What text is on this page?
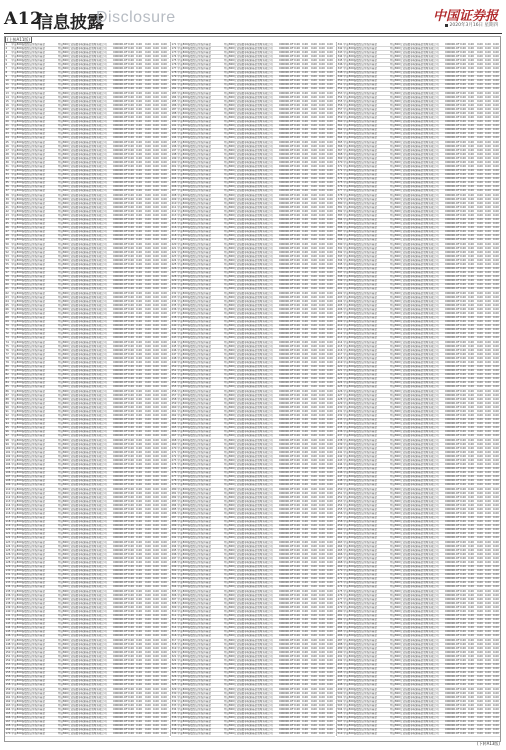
A12
信息披露
Disclosure	中国证券报
2020年3月16日 星期四
(上接A11版)
1	中证800指数型证券投资基金	中证800行业指数等权重基金管理有限公司	000000.OF 0.00 0.00	0.00 0.00 0.00
2	中证800指数型证券投资基金	中证800行业指数等权重基金管理有限公司	000000.OF 0.00 0.00	0.00 0.00 0.00
3	中证800指数型证券投资基金	中证800行业指数等权重基金管理有限公司	000000.OF 0.00 0.00	0.00 0.00 0.00
4	中证800指数型证券投资基金	中证800行业指数等权重基金管理有限公司	000000.OF 0.00 0.00	0.00 0.00 0.00
5	中证800指数型证券投资基金	中证800行业指数等权重基金管理有限公司	000000.OF 0.00 0.00	0.00 0.00 0.00
6	中证800指数型证券投资基金	中证800行业指数等权重基金管理有限公司	000000.OF 0.00 0.00	0.00 0.00 0.00
7	中证800指数型证券投资基金	中证800行业指数等权重基金管理有限公司	000000.OF 0.00 0.00	0.00 0.00 0.00
8	中证800指数型证券投资基金	中证800行业指数等权重基金管理有限公司	000000.OF 0.00 0.00	0.00 0.00 0.00
9	中证800指数型证券投资基金	中证800行业指数等权重基金管理有限公司	000000.OF 0.00 0.00	0.00 0.00 0.00
10	中证800指数型证券投资基金	中证800行业指数等权重基金管理有限公司	000000.OF 0.00 0.00	0.00 0.00 0.00
11	中证800指数型证券投资基金	中证800行业指数等权重基金管理有限公司	000000.OF 0.00 0.00	0.00 0.00 0.00
12	中证800指数型证券投资基金	中证800行业指数等权重基金管理有限公司	000000.OF 0.00 0.00	0.00 0.00 0.00
13	中证800指数型证券投资基金	中证800行业指数等权重基金管理有限公司	000000.OF 0.00 0.00	0.00 0.00 0.00
14	中证800指数型证券投资基金	中证800行业指数等权重基金管理有限公司	000000.OF 0.00 0.00	0.00 0.00 0.00
15	中证800指数型证券投资基金	中证800行业指数等权重基金管理有限公司	000000.OF 0.00 0.00	0.00 0.00 0.00
16	中证800指数型证券投资基金	中证800行业指数等权重基金管理有限公司	000000.OF 0.00 0.00	0.00 0.00 0.00
17	中证800指数型证券投资基金	中证800行业指数等权重基金管理有限公司	000000.OF 0.00 0.00	0.00 0.00 0.00
18	中证800指数型证券投资基金	中证800行业指数等权重基金管理有限公司	000000.OF 0.00 0.00	0.00 0.00 0.00
19	中证800指数型证券投资基金	中证800行业指数等权重基金管理有限公司	000000.OF 0.00 0.00	0.00 0.00 0.00
20	中证800指数型证券投资基金	中证800行业指数等权重基金管理有限公司	000000.OF 0.00 0.00	0.00 0.00 0.00
21	中证800指数型证券投资基金	中证800行业指数等权重基金管理有限公司	000000.OF 0.00 0.00	0.00 0.00 0.00
22	中证800指数型证券投资基金	中证800行业指数等权重基金管理有限公司	000000.OF 0.00 0.00	0.00 0.00 0.00
23	中证800指数型证券投资基金	中证800行业指数等权重基金管理有限公司	000000.OF 0.00 0.00	0.00 0.00 0.00
24	中证800指数型证券投资基金	中证800行业指数等权重基金管理有限公司	000000.OF 0.00 0.00	0.00 0.00 0.00
25	中证800指数型证券投资基金	中证800行业指数等权重基金管理有限公司	000000.OF 0.00 0.00	0.00 0.00 0.00
26	中证800指数型证券投资基金	中证800行业指数等权重基金管理有限公司	000000.OF 0.00 0.00	0.00 0.00 0.00
27	中证800指数型证券投资基金	中证800行业指数等权重基金管理有限公司	000000.OF 0.00 0.00	0.00 0.00 0.00
28	中证800指数型证券投资基金	中证800行业指数等权重基金管理有限公司	000000.OF 0.00 0.00	0.00 0.00 0.00
29	中证800指数型证券投资基金	中证800行业指数等权重基金管理有限公司	000000.OF 0.00 0.00	0.00 0.00 0.00
30	中证800指数型证券投资基金	中证800行业指数等权重基金管理有限公司	000000.OF 0.00 0.00	0.00 0.00 0.00
31	中证800指数型证券投资基金	中证800行业指数等权重基金管理有限公司	000000.OF 0.00 0.00	0.00 0.00 0.00
32	中证800指数型证券投资基金	中证800行业指数等权重基金管理有限公司	000000.OF 0.00 0.00	0.00 0.00 0.00
33	中证800指数型证券投资基金	中证800行业指数等权重基金管理有限公司	000000.OF 0.00 0.00	0.00 0.00 0.00
34	中证800指数型证券投资基金	中证800行业指数等权重基金管理有限公司	000000.OF 0.00 0.00	0.00 0.00 0.00
35	中证800指数型证券投资基金	中证800行业指数等权重基金管理有限公司	000000.OF 0.00 0.00	0.00 0.00 0.00
36	中证800指数型证券投资基金	中证800行业指数等权重基金管理有限公司	000000.OF 0.00 0.00	0.00 0.00 0.00
37	中证800指数型证券投资基金	中证800行业指数等权重基金管理有限公司	000000.OF 0.00 0.00	0.00 0.00 0.00
38	中证800指数型证券投资基金	中证800行业指数等权重基金管理有限公司	000000.OF 0.00 0.00	0.00 0.00 0.00
39	中证800指数型证券投资基金	中证800行业指数等权重基金管理有限公司	000000.OF 0.00 0.00	0.00 0.00 0.00
40	中证800指数型证券投资基金	中证800行业指数等权重基金管理有限公司	000000.OF 0.00 0.00	0.00 0.00 0.00
41	中证800指数型证券投资基金	中证800行业指数等权重基金管理有限公司	000000.OF 0.00 0.00	0.00 0.00 0.00
42	中证800指数型证券投资基金	中证800行业指数等权重基金管理有限公司	000000.OF 0.00 0.00	0.00 0.00 0.00
43	中证800指数型证券投资基金	中证800行业指数等权重基金管理有限公司	000000.OF 0.00 0.00	0.00 0.00 0.00
44	中证800指数型证券投资基金	中证800行业指数等权重基金管理有限公司	000000.OF 0.00 0.00	0.00 0.00 0.00
45	中证800指数型证券投资基金	中证800行业指数等权重基金管理有限公司	000000.OF 0.00 0.00	0.00 0.00 0.00
46	中证800指数型证券投资基金	中证800行业指数等权重基金管理有限公司	000000.OF 0.00 0.00	0.00 0.00 0.00
47	中证800指数型证券投资基金	中证800行业指数等权重基金管理有限公司	000000.OF 0.00 0.00	0.00 0.00 0.00
48	中证800指数型证券投资基金	中证800行业指数等权重基金管理有限公司	000000.OF 0.00 0.00	0.00 0.00 0.00
49	中证800指数型证券投资基金	中证800行业指数等权重基金管理有限公司	000000.OF 0.00 0.00	0.00 0.00 0.00
50	中证800指数型证券投资基金	中证800行业指数等权重基金管理有限公司	000000.OF 0.00 0.00	0.00 0.00 0.00
51	中证800指数型证券投资基金	中证800行业指数等权重基金管理有限公司	000000.OF 0.00 0.00	0.00 0.00 0.00
52	中证800指数型证券投资基金	中证800行业指数等权重基金管理有限公司	000000.OF 0.00 0.00	0.00 0.00 0.00
53	中证800指数型证券投资基金	中证800行业指数等权重基金管理有限公司	000000.OF 0.00 0.00	0.00 0.00 0.00
54	中证800指数型证券投资基金	中证800行业指数等权重基金管理有限公司	000000.OF 0.00 0.00	0.00 0.00 0.00
55	中证800指数型证券投资基金	中证800行业指数等权重基金管理有限公司	000000.OF 0.00 0.00	0.00 0.00 0.00
56	中证800指数型证券投资基金	中证800行业指数等权重基金管理有限公司	000000.OF 0.00 0.00	0.00 0.00 0.00
57	中证800指数型证券投资基金	中证800行业指数等权重基金管理有限公司	000000.OF 0.00 0.00	0.00 0.00 0.00
58	中证800指数型证券投资基金	中证800行业指数等权重基金管理有限公司	000000.OF 0.00 0.00	0.00 0.00 0.00
59	中证800指数型证券投资基金	中证800行业指数等权重基金管理有限公司	000000.OF 0.00 0.00	0.00 0.00 0.00
60	中证800指数型证券投资基金	中证800行业指数等权重基金管理有限公司	000000.OF 0.00 0.00	0.00 0.00 0.00
61	中证800指数型证券投资基金	中证800行业指数等权重基金管理有限公司	000000.OF 0.00 0.00	0.00 0.00 0.00
62	中证800指数型证券投资基金	中证800行业指数等权重基金管理有限公司	000000.OF 0.00 0.00	0.00 0.00 0.00
63	中证800指数型证券投资基金	中证800行业指数等权重基金管理有限公司	000000.OF 0.00 0.00	0.00 0.00 0.00
64	中证800指数型证券投资基金	中证800行业指数等权重基金管理有限公司	000000.OF 0.00 0.00	0.00 0.00 0.00
65	中证800指数型证券投资基金	中证800行业指数等权重基金管理有限公司	000000.OF 0.00 0.00	0.00 0.00 0.00
66	中证800指数型证券投资基金	中证800行业指数等权重基金管理有限公司	000000.OF 0.00 0.00	0.00 0.00 0.00
67	中证800指数型证券投资基金	中证800行业指数等权重基金管理有限公司	000000.OF 0.00 0.00	0.00 0.00 0.00
68	中证800指数型证券投资基金	中证800行业指数等权重基金管理有限公司	000000.OF 0.00 0.00	0.00 0.00 0.00
69	中证800指数型证券投资基金	中证800行业指数等权重基金管理有限公司	000000.OF 0.00 0.00	0.00 0.00 0.00
70	中证800指数型证券投资基金	中证800行业指数等权重基金管理有限公司	000000.OF 0.00 0.00	0.00 0.00 0.00
71	中证800指数型证券投资基金	中证800行业指数等权重基金管理有限公司	000000.OF 0.00 0.00	0.00 0.00 0.00
72	中证800指数型证券投资基金	中证800行业指数等权重基金管理有限公司	000000.OF 0.00 0.00	0.00 0.00 0.00
73	中证800指数型证券投资基金	中证800行业指数等权重基金管理有限公司	000000.OF 0.00 0.00	0.00 0.00 0.00
74	中证800指数型证券投资基金	中证800行业指数等权重基金管理有限公司	000000.OF 0.00 0.00	0.00 0.00 0.00
75	中证800指数型证券投资基金	中证800行业指数等权重基金管理有限公司	000000.OF 0.00 0.00	0.00 0.00 0.00
76	中证800指数型证券投资基金	中证800行业指数等权重基金管理有限公司	000000.OF 0.00 0.00	0.00 0.00 0.00
77	中证800指数型证券投资基金	中证800行业指数等权重基金管理有限公司	000000.OF 0.00 0.00	0.00 0.00 0.00
78	中证800指数型证券投资基金	中证800行业指数等权重基金管理有限公司	000000.OF 0.00 0.00	0.00 0.00 0.00
79	中证800指数型证券投资基金	中证800行业指数等权重基金管理有限公司	000000.OF 0.00 0.00	0.00 0.00 0.00
80	中证800指数型证券投资基金	中证800行业指数等权重基金管理有限公司	000000.OF 0.00 0.00	0.00 0.00 0.00
81	中证800指数型证券投资基金	中证800行业指数等权重基金管理有限公司	000000.OF 0.00 0.00	0.00 0.00 0.00
82	中证800指数型证券投资基金	中证800行业指数等权重基金管理有限公司	000000.OF 0.00 0.00	0.00 0.00 0.00
83	中证800指数型证券投资基金	中证800行业指数等权重基金管理有限公司	000000.OF 0.00 0.00	0.00 0.00 0.00
84	中证800指数型证券投资基金	中证800行业指数等权重基金管理有限公司	000000.OF 0.00 0.00	0.00 0.00 0.00
85	中证800指数型证券投资基金	中证800行业指数等权重基金管理有限公司	000000.OF 0.00 0.00	0.00 0.00 0.00
86	中证800指数型证券投资基金	中证800行业指数等权重基金管理有限公司	000000.OF 0.00 0.00	0.00 0.00 0.00
87	中证800指数型证券投资基金	中证800行业指数等权重基金管理有限公司	000000.OF 0.00 0.00	0.00 0.00 0.00
88	中证800指数型证券投资基金	中证800行业指数等权重基金管理有限公司	000000.OF 0.00 0.00	0.00 0.00 0.00
89	中证800指数型证券投资基金	中证800行业指数等权重基金管理有限公司	000000.OF 0.00 0.00	0.00 0.00 0.00
90	中证800指数型证券投资基金	中证800行业指数等权重基金管理有限公司	000000.OF 0.00 0.00	0.00 0.00 0.00
91	中证800指数型证券投资基金	中证800行业指数等权重基金管理有限公司	000000.OF 0.00 0.00	0.00 0.00 0.00
92	中证800指数型证券投资基金	中证800行业指数等权重基金管理有限公司	000000.OF 0.00 0.00	0.00 0.00 0.00
93	中证800指数型证券投资基金	中证800行业指数等权重基金管理有限公司	000000.OF 0.00 0.00	0.00 0.00 0.00
94	中证800指数型证券投资基金	中证800行业指数等权重基金管理有限公司	000000.OF 0.00 0.00	0.00 0.00 0.00
95	中证800指数型证券投资基金	中证800行业指数等权重基金管理有限公司	000000.OF 0.00 0.00	0.00 0.00 0.00
96	中证800指数型证券投资基金	中证800行业指数等权重基金管理有限公司	000000.OF 0.00 0.00	0.00 0.00 0.00
97	中证800指数型证券投资基金	中证800行业指数等权重基金管理有限公司	000000.OF 0.00 0.00	0.00 0.00 0.00
98	中证800指数型证券投资基金	中证800行业指数等权重基金管理有限公司	000000.OF 0.00 0.00	0.00 0.00 0.00
99	中证800指数型证券投资基金	中证800行业指数等权重基金管理有限公司	000000.OF 0.00 0.00	0.00 0.00 0.00
100 中证800指数型证券投资基金	中证800行业指数等权重基金管理有限公司	000000.OF 0.00 0.00	0.00 0.00 0.00
101 中证800指数型证券投资基金	中证800行业指数等权重基金管理有限公司	000000.OF 0.00 0.00	0.00 0.00 0.00
102 中证800指数型证券投资基金	中证800行业指数等权重基金管理有限公司	000000.OF 0.00 0.00	0.00 0.00 0.00
103 中证800指数型证券投资基金	中证800行业指数等权重基金管理有限公司	000000.OF 0.00 0.00	0.00 0.00 0.00
104 中证800指数型证券投资基金	中证800行业指数等权重基金管理有限公司	000000.OF 0.00 0.00	0.00 0.00 0.00
105 中证800指数型证券投资基金	中证800行业指数等权重基金管理有限公司	000000.OF 0.00 0.00	0.00 0.00 0.00
106 中证800指数型证券投资基金	中证800行业指数等权重基金管理有限公司	000000.OF 0.00 0.00	0.00 0.00 0.00
107 中证800指数型证券投资基金	中证800行业指数等权重基金管理有限公司	000000.OF 0.00 0.00	0.00 0.00 0.00
108 中证800指数型证券投资基金	中证800行业指数等权重基金管理有限公司	000000.OF 0.00 0.00	0.00 0.00 0.00
109 中证800指数型证券投资基金	中证800行业指数等权重基金管理有限公司	000000.OF 0.00 0.00	0.00 0.00 0.00
110 中证800指数型证券投资基金	中证800行业指数等权重基金管理有限公司	000000.OF 0.00 0.00	0.00 0.00 0.00
111 中证800指数型证券投资基金	中证800行业指数等权重基金管理有限公司	000000.OF 0.00 0.00	0.00 0.00 0.00
112 中证800指数型证券投资基金	中证800行业指数等权重基金管理有限公司	000000.OF 0.00 0.00	0.00 0.00 0.00
113 中证800指数型证券投资基金	中证800行业指数等权重基金管理有限公司	000000.OF 0.00 0.00	0.00 0.00 0.00
114 中证800指数型证券投资基金	中证800行业指数等权重基金管理有限公司	000000.OF 0.00 0.00	0.00 0.00 0.00
115 中证800指数型证券投资基金	中证800行业指数等权重基金管理有限公司	000000.OF 0.00 0.00	0.00 0.00 0.00
116 中证800指数型证券投资基金	中证800行业指数等权重基金管理有限公司	000000.OF 0.00 0.00	0.00 0.00 0.00
117 中证800指数型证券投资基金	中证800行业指数等权重基金管理有限公司	000000.OF 0.00 0.00	0.00 0.00 0.00
118 中证800指数型证券投资基金	中证800行业指数等权重基金管理有限公司	000000.OF 0.00 0.00	0.00 0.00 0.00
119 中证800指数型证券投资基金	中证800行业指数等权重基金管理有限公司	000000.OF 0.00 0.00	0.00 0.00 0.00
120 中证800指数型证券投资基金	中证800行业指数等权重基金管理有限公司	000000.OF 0.00 0.00	0.00 0.00 0.00
121 中证800指数型证券投资基金	中证800行业指数等权重基金管理有限公司	000000.OF 0.00 0.00	0.00 0.00 0.00
122 中证800指数型证券投资基金	中证800行业指数等权重基金管理有限公司	000000.OF 0.00 0.00	0.00 0.00 0.00
123 中证800指数型证券投资基金	中证800行业指数等权重基金管理有限公司	000000.OF 0.00 0.00	0.00 0.00 0.00
124 中证800指数型证券投资基金	中证800行业指数等权重基金管理有限公司	000000.OF 0.00 0.00	0.00 0.00 0.00
125 中证800指数型证券投资基金	中证800行业指数等权重基金管理有限公司	000000.OF 0.00 0.00	0.00 0.00 0.00
126 中证800指数型证券投资基金	中证800行业指数等权重基金管理有限公司	000000.OF 0.00 0.00	0.00 0.00 0.00
127 中证800指数型证券投资基金	中证800行业指数等权重基金管理有限公司	000000.OF 0.00 0.00	0.00 0.00 0.00
128 中证800指数型证券投资基金	中证800行业指数等权重基金管理有限公司	000000.OF 0.00 0.00	0.00 0.00 0.00
129 中证800指数型证券投资基金	中证800行业指数等权重基金管理有限公司	000000.OF 0.00 0.00	0.00 0.00 0.00
130 中证800指数型证券投资基金	中证800行业指数等权重基金管理有限公司	000000.OF 0.00 0.00	0.00 0.00 0.00
131 中证800指数型证券投资基金	中证800行业指数等权重基金管理有限公司	000000.OF 0.00 0.00	0.00 0.00 0.00
132 中证800指数型证券投资基金	中证800行业指数等权重基金管理有限公司	000000.OF 0.00 0.00	0.00 0.00 0.00
133 中证800指数型证券投资基金	中证800行业指数等权重基金管理有限公司	000000.OF 0.00 0.00	0.00 0.00 0.00
134 中证800指数型证券投资基金	中证800行业指数等权重基金管理有限公司	000000.OF 0.00 0.00	0.00 0.00 0.00
135 中证800指数型证券投资基金	中证800行业指数等权重基金管理有限公司	000000.OF 0.00 0.00	0.00 0.00 0.00
136 中证800指数型证券投资基金	中证800行业指数等权重基金管理有限公司	000000.OF 0.00 0.00	0.00 0.00 0.00
137 中证800指数型证券投资基金	中证800行业指数等权重基金管理有限公司	000000.OF 0.00 0.00	0.00 0.00 0.00
138 中证800指数型证券投资基金	中证800行业指数等权重基金管理有限公司	000000.OF 0.00 0.00	0.00 0.00 0.00
139 中证800指数型证券投资基金	中证800行业指数等权重基金管理有限公司	000000.OF 0.00 0.00	0.00 0.00 0.00
140 中证800指数型证券投资基金	中证800行业指数等权重基金管理有限公司	000000.OF 0.00 0.00	0.00 0.00 0.00
141 中证800指数型证券投资基金	中证800行业指数等权重基金管理有限公司	000000.OF 0.00 0.00	0.00 0.00 0.00
142 中证800指数型证券投资基金	中证800行业指数等权重基金管理有限公司	000000.OF 0.00 0.00	0.00 0.00 0.00
143 中证800指数型证券投资基金	中证800行业指数等权重基金管理有限公司	000000.OF 0.00 0.00	0.00 0.00 0.00
144 中证800指数型证券投资基金	中证800行业指数等权重基金管理有限公司	000000.OF 0.00 0.00	0.00 0.00 0.00
145 中证800指数型证券投资基金	中证800行业指数等权重基金管理有限公司	000000.OF 0.00 0.00	0.00 0.00 0.00
146 中证800指数型证券投资基金	中证800行业指数等权重基金管理有限公司	000000.OF 0.00 0.00	0.00 0.00 0.00
147 中证800指数型证券投资基金	中证800行业指数等权重基金管理有限公司	000000.OF 0.00 0.00	0.00 0.00 0.00
148 中证800指数型证券投资基金	中证800行业指数等权重基金管理有限公司	000000.OF 0.00 0.00	0.00 0.00 0.00
149 中证800指数型证券投资基金	中证800行业指数等权重基金管理有限公司	000000.OF 0.00 0.00	0.00 0.00 0.00
150 中证800指数型证券投资基金	中证800行业指数等权重基金管理有限公司	000000.OF 0.00 0.00	0.00 0.00 0.00
151 中证800指数型证券投资基金	中证800行业指数等权重基金管理有限公司	000000.OF 0.00 0.00	0.00 0.00 0.00
152 中证800指数型证券投资基金	中证800行业指数等权重基金管理有限公司	000000.OF 0.00 0.00	0.00 0.00 0.00
153 中证800指数型证券投资基金	中证800行业指数等权重基金管理有限公司	000000.OF 0.00 0.00	0.00 0.00 0.00
154 中证800指数型证券投资基金	中证800行业指数等权重基金管理有限公司	000000.OF 0.00 0.00	0.00 0.00 0.00
155 中证800指数型证券投资基金	中证800行业指数等权重基金管理有限公司	000000.OF 0.00 0.00	0.00 0.00 0.00
156 中证800指数型证券投资基金	中证800行业指数等权重基金管理有限公司	000000.OF 0.00 0.00	0.00 0.00 0.00
157 中证800指数型证券投资基金	中证800行业指数等权重基金管理有限公司	000000.OF 0.00 0.00	0.00 0.00 0.00
158 中证800指数型证券投资基金	中证800行业指数等权重基金管理有限公司	000000.OF 0.00 0.00	0.00 0.00 0.00
159 中证800指数型证券投资基金	中证800行业指数等权重基金管理有限公司	000000.OF 0.00 0.00	0.00 0.00 0.00
160 中证800指数型证券投资基金	中证800行业指数等权重基金管理有限公司	000000.OF 0.00 0.00	0.00 0.00 0.00
161 中证800指数型证券投资基金	中证800行业指数等权重基金管理有限公司	000000.OF 0.00 0.00	0.00 0.00 0.00
162 中证800指数型证券投资基金	中证800行业指数等权重基金管理有限公司	000000.OF 0.00 0.00	0.00 0.00 0.00
163 中证800指数型证券投资基金	中证800行业指数等权重基金管理有限公司	000000.OF 0.00 0.00	0.00 0.00 0.00
164 中证800指数型证券投资基金	中证800行业指数等权重基金管理有限公司	000000.OF 0.00 0.00	0.00 0.00 0.00
165 中证800指数型证券投资基金	中证800行业指数等权重基金管理有限公司	000000.OF 0.00 0.00	0.00 0.00 0.00
166 中证800指数型证券投资基金	中证800行业指数等权重基金管理有限公司	000000.OF 0.00 0.00	0.00 0.00 0.00
167 中证800指数型证券投资基金	中证800行业指数等权重基金管理有限公司	000000.OF 0.00 0.00	0.00 0.00 0.00
168 中证800指数型证券投资基金	中证800行业指数等权重基金管理有限公司	000000.OF 0.00 0.00	0.00 0.00 0.00
169 中证800指数型证券投资基金	中证800行业指数等权重基金管理有限公司	000000.OF 0.00 0.00	0.00 0.00 0.00
170 中证800指数型证券投资基金	中证800行业指数等权重基金管理有限公司	000000.OF 0.00 0.00	0.00 0.00 0.00
171 中证800指数型证券投资基金	中证800行业指数等权重基金管理有限公司	000000.OF 0.00 0.00	0.00 0.00 0.00
172 中证800指数型证券投资基金	中证800行业指数等权重基金管理有限公司	000000.OF 0.00 0.00	0.00 0.00 0.00
173 中证800指数型证券投资基金	中证800行业指数等权重基金管理有限公司	000000.OF 0.00 0.00	0.00 0.00 0.00
174 中证800指数型证券投资基金	中证800行业指数等权重基金管理有限公司	000000.OF 0.00 0.00	0.00 0.00 0.00
175 中证800指数型证券投资基金	中证800行业指数等权重基金管理有限公司	000000.OF 0.00 0.00	0.00 0.00 0.00
176 中证800指数型证券投资基金	中证800行业指数等权重基金管理有限公司	000000.OF 0.00 0.00	0.00 0.00 0.00
177 中证800指数型证券投资基金	中证800行业指数等权重基金管理有限公司	000000.OF 0.00 0.00	0.00 0.00 0.00
178 中证800指数型证券投资基金	中证800行业指数等权重基金管理有限公司	000000.OF 0.00 0.00	0.00 0.00 0.00
179 中证800指数型证券投资基金	中证800行业指数等权重基金管理有限公司	000000.OF 0.00 0.00	0.00 0.00 0.00
180 中证800指数型证券投资基金	中证800行业指数等权重基金管理有限公司	000000.OF 0.00 0.00	0.00 0.00 0.00
181 中证800指数型证券投资基金	中证800行业指数等权重基金管理有限公司	000000.OF 0.00 0.00	0.00 0.00 0.00
182 中证800指数型证券投资基金	中证800行业指数等权重基金管理有限公司	000000.OF 0.00 0.00	0.00 0.00 0.00
183 中证800指数型证券投资基金	中证800行业指数等权重基金管理有限公司	000000.OF 0.00 0.00	0.00 0.00 0.00
184 中证800指数型证券投资基金	中证800行业指数等权重基金管理有限公司	000000.OF 0.00 0.00	0.00 0.00 0.00
185 中证800指数型证券投资基金	中证800行业指数等权重基金管理有限公司	000000.OF 0.00 0.00	0.00 0.00 0.00
186 中证800指数型证券投资基金	中证800行业指数等权重基金管理有限公司	000000.OF 0.00 0.00	0.00 0.00 0.00
187 中证800指数型证券投资基金	中证800行业指数等权重基金管理有限公司	000000.OF 0.00 0.00	0.00 0.00 0.00
188 中证800指数型证券投资基金	中证800行业指数等权重基金管理有限公司	000000.OF 0.00 0.00	0.00 0.00 0.00
189 中证800指数型证券投资基金	中证800行业指数等权重基金管理有限公司	000000.OF 0.00 0.00	0.00 0.00 0.00
190 中证800指数型证券投资基金	中证800行业指数等权重基金管理有限公司	000000.OF 0.00 0.00	0.00 0.00 0.00
191 中证800指数型证券投资基金	中证800行业指数等权重基金管理有限公司	000000.OF 0.00 0.00	0.00 0.00 0.00
192 中证800指数型证券投资基金	中证800行业指数等权重基金管理有限公司	000000.OF 0.00 0.00	0.00 0.00 0.00
193 中证800指数型证券投资基金	中证800行业指数等权重基金管理有限公司	000000.OF 0.00 0.00	0.00 0.00 0.00
194 中证800指数型证券投资基金	中证800行业指数等权重基金管理有限公司	000000.OF 0.00 0.00	0.00 0.00 0.00
195 中证800指数型证券投资基金	中证800行业指数等权重基金管理有限公司	000000.OF 0.00 0.00	0.00 0.00 0.00
196 中证800指数型证券投资基金	中证800行业指数等权重基金管理有限公司	000000.OF 0.00 0.00	0.00 0.00 0.00
197 中证800指数型证券投资基金	中证800行业指数等权重基金管理有限公司	000000.OF 0.00 0.00	0.00 0.00 0.00
198 中证800指数型证券投资基金	中证800行业指数等权重基金管理有限公司	000000.OF 0.00 0.00	0.00 0.00 0.00
199 中证800指数型证券投资基金	中证800行业指数等权重基金管理有限公司	000000.OF 0.00 0.00	0.00 0.00 0.00
200 中证800指数型证券投资基金	中证800行业指数等权重基金管理有限公司	000000.OF 0.00 0.00	0.00 0.00 0.00
201 中证800指数型证券投资基金	中证800行业指数等权重基金管理有限公司	000000.OF 0.00 0.00	0.00 0.00 0.00
202 中证800指数型证券投资基金	中证800行业指数等权重基金管理有限公司	000000.OF 0.00 0.00	0.00 0.00 0.00
203 中证800指数型证券投资基金	中证800行业指数等权重基金管理有限公司	000000.OF 0.00 0.00	0.00 0.00 0.00
204 中证800指数型证券投资基金	中证800行业指数等权重基金管理有限公司	000000.OF 0.00 0.00	0.00 0.00 0.00
205 中证800指数型证券投资基金	中证800行业指数等权重基金管理有限公司	000000.OF 0.00 0.00	0.00 0.00 0.00
206 中证800指数型证券投资基金	中证800行业指数等权重基金管理有限公司	000000.OF 0.00 0.00	0.00 0.00 0.00
207 中证800指数型证券投资基金	中证800行业指数等权重基金管理有限公司	000000.OF 0.00 0.00	0.00 0.00 0.00
208 中证800指数型证券投资基金	中证800行业指数等权重基金管理有限公司	000000.OF 0.00 0.00	0.00 0.00 0.00
209 中证800指数型证券投资基金	中证800行业指数等权重基金管理有限公司	000000.OF 0.00 0.00	0.00 0.00 0.00
210 中证800指数型证券投资基金	中证800行业指数等权重基金管理有限公司	000000.OF 0.00 0.00	0.00 0.00 0.00
211 中证800指数型证券投资基金	中证800行业指数等权重基金管理有限公司	000000.OF 0.00 0.00	0.00 0.00 0.00
212 中证800指数型证券投资基金	中证800行业指数等权重基金管理有限公司	000000.OF 0.00 0.00	0.00 0.00 0.00
213 中证800指数型证券投资基金	中证800行业指数等权重基金管理有限公司	000000.OF 0.00 0.00	0.00 0.00 0.00
214 中证800指数型证券投资基金	中证800行业指数等权重基金管理有限公司	000000.OF 0.00 0.00	0.00 0.00 0.00
215 中证800指数型证券投资基金	中证800行业指数等权重基金管理有限公司	000000.OF 0.00 0.00	0.00 0.00 0.00
216 中证800指数型证券投资基金	中证800行业指数等权重基金管理有限公司	000000.OF 0.00 0.00	0.00 0.00 0.00
217 中证800指数型证券投资基金	中证800行业指数等权重基金管理有限公司	000000.OF 0.00 0.00	0.00 0.00 0.00
218 中证800指数型证券投资基金	中证800行业指数等权重基金管理有限公司	000000.OF 0.00 0.00	0.00 0.00 0.00
219 中证800指数型证券投资基金	中证800行业指数等权重基金管理有限公司	000000.OF 0.00 0.00	0.00 0.00 0.00
220 中证800指数型证券投资基金	中证800行业指数等权重基金管理有限公司	000000.OF 0.00 0.00	0.00 0.00 0.00
221 中证800指数型证券投资基金	中证800行业指数等权重基金管理有限公司	000000.OF 0.00 0.00	0.00 0.00 0.00
222 中证800指数型证券投资基金	中证800行业指数等权重基金管理有限公司	000000.OF 0.00 0.00	0.00 0.00 0.00
223 中证800指数型证券投资基金	中证800行业指数等权重基金管理有限公司	000000.OF 0.00 0.00	0.00 0.00 0.00
224 中证800指数型证券投资基金	中证800行业指数等权重基金管理有限公司	000000.OF 0.00 0.00	0.00 0.00 0.00
225 中证800指数型证券投资基金	中证800行业指数等权重基金管理有限公司	000000.OF 0.00 0.00	0.00 0.00 0.00
226 中证800指数型证券投资基金	中证800行业指数等权重基金管理有限公司	000000.OF 0.00 0.00	0.00 0.00 0.00
227 中证800指数型证券投资基金	中证800行业指数等权重基金管理有限公司	000000.OF 0.00 0.00	0.00 0.00 0.00
228 中证800指数型证券投资基金	中证800行业指数等权重基金管理有限公司	000000.OF 0.00 0.00	0.00 0.00 0.00
229 中证800指数型证券投资基金	中证800行业指数等权重基金管理有限公司	000000.OF 0.00 0.00	0.00 0.00 0.00
230 中证800指数型证券投资基金	中证800行业指数等权重基金管理有限公司	000000.OF 0.00 0.00	0.00 0.00 0.00
231 中证800指数型证券投资基金	中证800行业指数等权重基金管理有限公司	000000.OF 0.00 0.00	0.00 0.00 0.00
232 中证800指数型证券投资基金	中证800行业指数等权重基金管理有限公司	000000.OF 0.00 0.00	0.00 0.00 0.00
233 中证800指数型证券投资基金	中证800行业指数等权重基金管理有限公司	000000.OF 0.00 0.00	0.00 0.00 0.00
234 中证800指数型证券投资基金	中证800行业指数等权重基金管理有限公司	000000.OF 0.00 0.00	0.00 0.00 0.00
235 中证800指数型证券投资基金	中证800行业指数等权重基金管理有限公司	000000.OF 0.00 0.00	0.00 0.00 0.00
236 中证800指数型证券投资基金	中证800行业指数等权重基金管理有限公司	000000.OF 0.00 0.00	0.00 0.00 0.00
237 中证800指数型证券投资基金	中证800行业指数等权重基金管理有限公司	000000.OF 0.00 0.00	0.00 0.00 0.00
238 中证800指数型证券投资基金	中证800行业指数等权重基金管理有限公司	000000.OF 0.00 0.00	0.00 0.00 0.00
239 中证800指数型证券投资基金	中证800行业指数等权重基金管理有限公司	000000.OF 0.00 0.00	0.00 0.00 0.00
240 中证800指数型证券投资基金	中证800行业指数等权重基金管理有限公司	000000.OF 0.00 0.00	0.00 0.00 0.00
241 中证800指数型证券投资基金	中证800行业指数等权重基金管理有限公司	000000.OF 0.00 0.00	0.00 0.00 0.00
242 中证800指数型证券投资基金	中证800行业指数等权重基金管理有限公司	000000.OF 0.00 0.00	0.00 0.00 0.00
243 中证800指数型证券投资基金	中证800行业指数等权重基金管理有限公司	000000.OF 0.00 0.00	0.00 0.00 0.00
244 中证800指数型证券投资基金	中证800行业指数等权重基金管理有限公司	000000.OF 0.00 0.00	0.00 0.00 0.00
245 中证800指数型证券投资基金	中证800行业指数等权重基金管理有限公司	000000.OF 0.00 0.00	0.00 0.00 0.00
246 中证800指数型证券投资基金	中证800行业指数等权重基金管理有限公司	000000.OF 0.00 0.00	0.00 0.00 0.00
247 中证800指数型证券投资基金	中证800行业指数等权重基金管理有限公司	000000.OF 0.00 0.00	0.00 0.00 0.00
248 中证800指数型证券投资基金	中证800行业指数等权重基金管理有限公司	000000.OF 0.00 0.00	0.00 0.00 0.00
249 中证800指数型证券投资基金	中证800行业指数等权重基金管理有限公司	000000.OF 0.00 0.00	0.00 0.00 0.00
250 中证800指数型证券投资基金	中证800行业指数等权重基金管理有限公司	000000.OF 0.00 0.00	0.00 0.00 0.00
251 中证800指数型证券投资基金	中证800行业指数等权重基金管理有限公司	000000.OF 0.00 0.00	0.00 0.00 0.00
252 中证800指数型证券投资基金	中证800行业指数等权重基金管理有限公司	000000.OF 0.00 0.00	0.00 0.00 0.00
253 中证800指数型证券投资基金	中证800行业指数等权重基金管理有限公司	000000.OF 0.00 0.00	0.00 0.00 0.00
254 中证800指数型证券投资基金	中证800行业指数等权重基金管理有限公司	000000.OF 0.00 0.00	0.00 0.00 0.00
255 中证800指数型证券投资基金	中证800行业指数等权重基金管理有限公司	000000.OF 0.00 0.00	0.00 0.00 0.00
256 中证800指数型证券投资基金	中证800行业指数等权重基金管理有限公司	000000.OF 0.00 0.00	0.00 0.00 0.00
257 中证800指数型证券投资基金	中证800行业指数等权重基金管理有限公司	000000.OF 0.00 0.00	0.00 0.00 0.00
258 中证800指数型证券投资基金	中证800行业指数等权重基金管理有限公司	000000.OF 0.00 0.00	0.00 0.00 0.00
259 中证800指数型证券投资基金	中证800行业指数等权重基金管理有限公司	000000.OF 0.00 0.00	0.00 0.00 0.00
260 中证800指数型证券投资基金	中证800行业指数等权重基金管理有限公司	000000.OF 0.00 0.00	0.00 0.00 0.00
261 中证800指数型证券投资基金	中证800行业指数等权重基金管理有限公司	000000.OF 0.00 0.00	0.00 0.00 0.00
262 中证800指数型证券投资基金	中证800行业指数等权重基金管理有限公司	000000.OF 0.00 0.00	0.00 0.00 0.00
263 中证800指数型证券投资基金	中证800行业指数等权重基金管理有限公司	000000.OF 0.00 0.00	0.00 0.00 0.00
264 中证800指数型证券投资基金	中证800行业指数等权重基金管理有限公司	000000.OF 0.00 0.00	0.00 0.00 0.00
265 中证800指数型证券投资基金	中证800行业指数等权重基金管理有限公司	000000.OF 0.00 0.00	0.00 0.00 0.00
266 中证800指数型证券投资基金	中证800行业指数等权重基金管理有限公司	000000.OF 0.00 0.00	0.00 0.00 0.00
267 中证800指数型证券投资基金	中证800行业指数等权重基金管理有限公司	000000.OF 0.00 0.00	0.00 0.00 0.00
268 中证800指数型证券投资基金	中证800行业指数等权重基金管理有限公司	000000.OF 0.00 0.00	0.00 0.00 0.00
269 中证800指数型证券投资基金	中证800行业指数等权重基金管理有限公司	000000.OF 0.00 0.00	0.00 0.00 0.00
270 中证800指数型证券投资基金	中证800行业指数等权重基金管理有限公司	000000.OF 0.00 0.00	0.00 0.00 0.00
271 中证800指数型证券投资基金	中证800行业指数等权重基金管理有限公司	000000.OF 0.00 0.00	0.00 0.00 0.00
272 中证800指数型证券投资基金	中证800行业指数等权重基金管理有限公司	000000.OF 0.00 0.00	0.00 0.00 0.00
273 中证800指数型证券投资基金	中证800行业指数等权重基金管理有限公司	000000.OF 0.00 0.00	0.00 0.00 0.00
274 中证800指数型证券投资基金	中证800行业指数等权重基金管理有限公司	000000.OF 0.00 0.00	0.00 0.00 0.00
275 中证800指数型证券投资基金	中证800行业指数等权重基金管理有限公司	000000.OF 0.00 0.00	0.00 0.00 0.00
276 中证800指数型证券投资基金	中证800行业指数等权重基金管理有限公司	000000.OF 0.00 0.00	0.00 0.00 0.00
277 中证800指数型证券投资基金	中证800行业指数等权重基金管理有限公司	000000.OF 0.00 0.00	0.00 0.00 0.00
278 中证800指数型证券投资基金	中证800行业指数等权重基金管理有限公司	000000.OF 0.00 0.00	0.00 0.00 0.00
279 中证800指数型证券投资基金	中证800行业指数等权重基金管理有限公司	000000.OF 0.00 0.00	0.00 0.00 0.00
280 中证800指数型证券投资基金	中证800行业指数等权重基金管理有限公司	000000.OF 0.00 0.00	0.00 0.00 0.00
281 中证800指数型证券投资基金	中证800行业指数等权重基金管理有限公司	000000.OF 0.00 0.00	0.00 0.00 0.00
282 中证800指数型证券投资基金	中证800行业指数等权重基金管理有限公司	000000.OF 0.00 0.00	0.00 0.00 0.00
283 中证800指数型证券投资基金	中证800行业指数等权重基金管理有限公司	000000.OF 0.00 0.00	0.00 0.00 0.00
284 中证800指数型证券投资基金	中证800行业指数等权重基金管理有限公司	000000.OF 0.00 0.00	0.00 0.00 0.00
285 中证800指数型证券投资基金	中证800行业指数等权重基金管理有限公司	000000.OF 0.00 0.00	0.00 0.00 0.00
286 中证800指数型证券投资基金	中证800行业指数等权重基金管理有限公司	000000.OF 0.00 0.00	0.00 0.00 0.00
287 中证800指数型证券投资基金	中证800行业指数等权重基金管理有限公司	000000.OF 0.00 0.00	0.00 0.00 0.00
288 中证800指数型证券投资基金	中证800行业指数等权重基金管理有限公司	000000.OF 0.00 0.00	0.00 0.00 0.00
289 中证800指数型证券投资基金	中证800行业指数等权重基金管理有限公司	000000.OF 0.00 0.00	0.00 0.00 0.00
290 中证800指数型证券投资基金	中证800行业指数等权重基金管理有限公司	000000.OF 0.00 0.00	0.00 0.00 0.00
291 中证800指数型证券投资基金	中证800行业指数等权重基金管理有限公司	000000.OF 0.00 0.00	0.00 0.00 0.00
292 中证800指数型证券投资基金	中证800行业指数等权重基金管理有限公司	000000.OF 0.00 0.00	0.00 0.00 0.00
293 中证800指数型证券投资基金	中证800行业指数等权重基金管理有限公司	000000.OF 0.00 0.00	0.00 0.00 0.00
294 中证800指数型证券投资基金	中证800行业指数等权重基金管理有限公司	000000.OF 0.00 0.00	0.00 0.00 0.00
295 中证800指数型证券投资基金	中证800行业指数等权重基金管理有限公司	000000.OF 0.00 0.00	0.00 0.00 0.00
296 中证800指数型证券投资基金	中证800行业指数等权重基金管理有限公司	000000.OF 0.00 0.00	0.00 0.00 0.00
297 中证800指数型证券投资基金	中证800行业指数等权重基金管理有限公司	000000.OF 0.00 0.00	0.00 0.00 0.00
298 中证800指数型证券投资基金	中证800行业指数等权重基金管理有限公司	000000.OF 0.00 0.00	0.00 0.00 0.00
299 中证800指数型证券投资基金	中证800行业指数等权重基金管理有限公司	000000.OF 0.00 0.00	0.00 0.00 0.00
300 中证800指数型证券投资基金	中证800行业指数等权重基金管理有限公司	000000.OF 0.00 0.00	0.00 0.00 0.00
301 中证800指数型证券投资基金	中证800行业指数等权重基金管理有限公司	000000.OF 0.00 0.00	0.00 0.00 0.00
302 中证800指数型证券投资基金	中证800行业指数等权重基金管理有限公司	000000.OF 0.00 0.00	0.00 0.00 0.00
303 中证800指数型证券投资基金	中证800行业指数等权重基金管理有限公司	000000.OF 0.00 0.00	0.00 0.00 0.00
304 中证800指数型证券投资基金	中证800行业指数等权重基金管理有限公司	000000.OF 0.00 0.00	0.00 0.00 0.00
305 中证800指数型证券投资基金	中证800行业指数等权重基金管理有限公司	000000.OF 0.00 0.00	0.00 0.00 0.00
306 中证800指数型证券投资基金	中证800行业指数等权重基金管理有限公司	000000.OF 0.00 0.00	0.00 0.00 0.00
307 中证800指数型证券投资基金	中证800行业指数等权重基金管理有限公司	000000.OF 0.00 0.00	0.00 0.00 0.00
308 中证800指数型证券投资基金	中证800行业指数等权重基金管理有限公司	000000.OF 0.00 0.00	0.00 0.00 0.00
309 中证800指数型证券投资基金	中证800行业指数等权重基金管理有限公司	000000.OF 0.00 0.00	0.00 0.00 0.00
310 中证800指数型证券投资基金	中证800行业指数等权重基金管理有限公司	000000.OF 0.00 0.00	0.00 0.00 0.00
311 中证800指数型证券投资基金	中证800行业指数等权重基金管理有限公司	000000.OF 0.00 0.00	0.00 0.00 0.00
312 中证800指数型证券投资基金	中证800行业指数等权重基金管理有限公司	000000.OF 0.00 0.00	0.00 0.00 0.00
313 中证800指数型证券投资基金	中证800行业指数等权重基金管理有限公司	000000.OF 0.00 0.00	0.00 0.00 0.00
314 中证800指数型证券投资基金	中证800行业指数等权重基金管理有限公司	000000.OF 0.00 0.00	0.00 0.00 0.00
315 中证800指数型证券投资基金	中证800行业指数等权重基金管理有限公司	000000.OF 0.00 0.00	0.00 0.00 0.00
316 中证800指数型证券投资基金	中证800行业指数等权重基金管理有限公司	000000.OF 0.00 0.00	0.00 0.00 0.00
317 中证800指数型证券投资基金	中证800行业指数等权重基金管理有限公司	000000.OF 0.00 0.00	0.00 0.00 0.00
318 中证800指数型证券投资基金	中证800行业指数等权重基金管理有限公司	000000.OF 0.00 0.00	0.00 0.00 0.00
319 中证800指数型证券投资基金	中证800行业指数等权重基金管理有限公司	000000.OF 0.00 0.00	0.00 0.00 0.00
320 中证800指数型证券投资基金	中证800行业指数等权重基金管理有限公司	000000.OF 0.00 0.00	0.00 0.00 0.00
321 中证800指数型证券投资基金	中证800行业指数等权重基金管理有限公司	000000.OF 0.00 0.00	0.00 0.00 0.00
322 中证800指数型证券投资基金	中证800行业指数等权重基金管理有限公司	000000.OF 0.00 0.00	0.00 0.00 0.00
323 中证800指数型证券投资基金	中证800行业指数等权重基金管理有限公司	000000.OF 0.00 0.00	0.00 0.00 0.00
324 中证800指数型证券投资基金	中证800行业指数等权重基金管理有限公司	000000.OF 0.00 0.00	0.00 0.00 0.00
325 中证800指数型证券投资基金	中证800行业指数等权重基金管理有限公司	000000.OF 0.00 0.00	0.00 0.00 0.00
326 中证800指数型证券投资基金	中证800行业指数等权重基金管理有限公司	000000.OF 0.00 0.00	0.00 0.00 0.00
327 中证800指数型证券投资基金	中证800行业指数等权重基金管理有限公司	000000.OF 0.00 0.00	0.00 0.00 0.00
328 中证800指数型证券投资基金	中证800行业指数等权重基金管理有限公司	000000.OF 0.00 0.00	0.00 0.00 0.00
329 中证800指数型证券投资基金	中证800行业指数等权重基金管理有限公司	000000.OF 0.00 0.00	0.00 0.00 0.00
330 中证800指数型证券投资基金	中证800行业指数等权重基金管理有限公司	000000.OF 0.00 0.00	0.00 0.00 0.00
331 中证800指数型证券投资基金	中证800行业指数等权重基金管理有限公司	000000.OF 0.00 0.00	0.00 0.00 0.00
332 中证800指数型证券投资基金	中证800行业指数等权重基金管理有限公司	000000.OF 0.00 0.00	0.00 0.00 0.00
333 中证800指数型证券投资基金	中证800行业指数等权重基金管理有限公司	000000.OF 0.00 0.00	0.00 0.00 0.00
334 中证800指数型证券投资基金	中证800行业指数等权重基金管理有限公司	000000.OF 0.00 0.00	0.00 0.00 0.00
335 中证800指数型证券投资基金	中证800行业指数等权重基金管理有限公司	000000.OF 0.00 0.00	0.00 0.00 0.00
336 中证800指数型证券投资基金	中证800行业指数等权重基金管理有限公司	000000.OF 0.00 0.00	0.00 0.00 0.00
337 中证800指数型证券投资基金	中证800行业指数等权重基金管理有限公司	000000.OF 0.00 0.00	0.00 0.00 0.00
338 中证800指数型证券投资基金	中证800行业指数等权重基金管理有限公司	000000.OF 0.00 0.00	0.00 0.00 0.00
339 中证800指数型证券投资基金	中证800行业指数等权重基金管理有限公司	000000.OF 0.00 0.00	0.00 0.00 0.00
340 中证800指数型证券投资基金	中证800行业指数等权重基金管理有限公司	000000.OF 0.00 0.00	0.00 0.00 0.00
341 中证800指数型证券投资基金	中证800行业指数等权重基金管理有限公司	000000.OF 0.00 0.00	0.00 0.00 0.00
342 中证800指数型证券投资基金	中证800行业指数等权重基金管理有限公司	000000.OF 0.00 0.00	0.00 0.00 0.00
343 中证800指数型证券投资基金	中证800行业指数等权重基金管理有限公司	000000.OF 0.00 0.00	0.00 0.00 0.00
344 中证800指数型证券投资基金	中证800行业指数等权重基金管理有限公司	000000.OF 0.00 0.00	0.00 0.00 0.00
345 中证800指数型证券投资基金	中证800行业指数等权重基金管理有限公司	000000.OF 0.00 0.00	0.00 0.00 0.00
346 中证800指数型证券投资基金	中证800行业指数等权重基金管理有限公司	000000.OF 0.00 0.00	0.00 0.00 0.00
347 中证800指数型证券投资基金	中证800行业指数等权重基金管理有限公司	000000.OF 0.00 0.00	0.00 0.00 0.00
348 中证800指数型证券投资基金	中证800行业指数等权重基金管理有限公司	000000.OF 0.00 0.00	0.00 0.00 0.00
349 中证800指数型证券投资基金	中证800行业指数等权重基金管理有限公司	000000.OF 0.00 0.00	0.00 0.00 0.00
350 中证800指数型证券投资基金	中证800行业指数等权重基金管理有限公司	000000.OF 0.00 0.00	0.00 0.00 0.00
351 中证800指数型证券投资基金	中证800行业指数等权重基金管理有限公司	000000.OF 0.00 0.00	0.00 0.00 0.00
352 中证800指数型证券投资基金	中证800行业指数等权重基金管理有限公司	000000.OF 0.00 0.00	0.00 0.00 0.00
353 中证800指数型证券投资基金	中证800行业指数等权重基金管理有限公司	000000.OF 0.00 0.00	0.00 0.00 0.00
354 中证800指数型证券投资基金	中证800行业指数等权重基金管理有限公司	000000.OF 0.00 0.00	0.00 0.00 0.00
355 中证800指数型证券投资基金	中证800行业指数等权重基金管理有限公司	000000.OF 0.00 0.00	0.00 0.00 0.00
356 中证800指数型证券投资基金	中证800行业指数等权重基金管理有限公司	000000.OF 0.00 0.00	0.00 0.00 0.00
357 中证800指数型证券投资基金	中证800行业指数等权重基金管理有限公司	000000.OF 0.00 0.00	0.00 0.00 0.00
358 中证800指数型证券投资基金	中证800行业指数等权重基金管理有限公司	000000.OF 0.00 0.00	0.00 0.00 0.00
359 中证800指数型证券投资基金	中证800行业指数等权重基金管理有限公司	000000.OF 0.00 0.00	0.00 0.00 0.00
360 中证800指数型证券投资基金	中证800行业指数等权重基金管理有限公司	000000.OF 0.00 0.00	0.00 0.00 0.00
361 中证800指数型证券投资基金	中证800行业指数等权重基金管理有限公司	000000.OF 0.00 0.00	0.00 0.00 0.00
362 中证800指数型证券投资基金	中证800行业指数等权重基金管理有限公司	000000.OF 0.00 0.00	0.00 0.00 0.00
363 中证800指数型证券投资基金	中证800行业指数等权重基金管理有限公司	000000.OF 0.00 0.00	0.00 0.00 0.00
364 中证800指数型证券投资基金	中证800行业指数等权重基金管理有限公司	000000.OF 0.00 0.00	0.00 0.00 0.00
365 中证800指数型证券投资基金	中证800行业指数等权重基金管理有限公司	000000.OF 0.00 0.00	0.00 0.00 0.00
366 中证800指数型证券投资基金	中证800行业指数等权重基金管理有限公司	000000.OF 0.00 0.00	0.00 0.00 0.00
367 中证800指数型证券投资基金	中证800行业指数等权重基金管理有限公司	000000.OF 0.00 0.00	0.00 0.00 0.00
368 中证800指数型证券投资基金	中证800行业指数等权重基金管理有限公司	000000.OF 0.00 0.00	0.00 0.00 0.00
369 中证800指数型证券投资基金	中证800行业指数等权重基金管理有限公司	000000.OF 0.00 0.00	0.00 0.00 0.00
370 中证800指数型证券投资基金	中证800行业指数等权重基金管理有限公司	000000.OF 0.00 0.00	0.00 0.00 0.00
371 中证800指数型证券投资基金	中证800行业指数等权重基金管理有限公司	000000.OF 0.00 0.00	0.00 0.00 0.00
372 中证800指数型证券投资基金	中证800行业指数等权重基金管理有限公司	000000.OF 0.00 0.00	0.00 0.00 0.00
373 中证800指数型证券投资基金	中证800行业指数等权重基金管理有限公司	000000.OF 0.00 0.00	0.00 0.00 0.00
374 中证800指数型证券投资基金	中证800行业指数等权重基金管理有限公司	000000.OF 0.00 0.00	0.00 0.00 0.00
375 中证800指数型证券投资基金	中证800行业指数等权重基金管理有限公司	000000.OF 0.00 0.00	0.00 0.00 0.00
376 中证800指数型证券投资基金	中证800行业指数等权重基金管理有限公司	000000.OF 0.00 0.00	0.00 0.00 0.00
377 中证800指数型证券投资基金	中证800行业指数等权重基金管理有限公司	000000.OF 0.00 0.00	0.00 0.00 0.00
378 中证800指数型证券投资基金	中证800行业指数等权重基金管理有限公司	000000.OF 0.00 0.00	0.00 0.00 0.00
379 中证800指数型证券投资基金	中证800行业指数等权重基金管理有限公司	000000.OF 0.00 0.00	0.00 0.00 0.00
380 中证800指数型证券投资基金	中证800行业指数等权重基金管理有限公司	000000.OF 0.00 0.00	0.00 0.00 0.00
381 中证800指数型证券投资基金	中证800行业指数等权重基金管理有限公司	000000.OF 0.00 0.00	0.00 0.00 0.00
382 中证800指数型证券投资基金	中证800行业指数等权重基金管理有限公司	000000.OF 0.00 0.00	0.00 0.00 0.00
383 中证800指数型证券投资基金	中证800行业指数等权重基金管理有限公司	000000.OF 0.00 0.00	0.00 0.00 0.00
384 中证800指数型证券投资基金	中证800行业指数等权重基金管理有限公司	000000.OF 0.00 0.00	0.00 0.00 0.00
385 中证800指数型证券投资基金	中证800行业指数等权重基金管理有限公司	000000.OF 0.00 0.00	0.00 0.00 0.00
386 中证800指数型证券投资基金	中证800行业指数等权重基金管理有限公司	000000.OF 0.00 0.00	0.00 0.00 0.00
387 中证800指数型证券投资基金	中证800行业指数等权重基金管理有限公司	000000.OF 0.00 0.00	0.00 0.00 0.00
388 中证800指数型证券投资基金	中证800行业指数等权重基金管理有限公司	000000.OF 0.00 0.00	0.00 0.00 0.00
389 中证800指数型证券投资基金	中证800行业指数等权重基金管理有限公司	000000.OF 0.00 0.00	0.00 0.00 0.00
390 中证800指数型证券投资基金	中证800行业指数等权重基金管理有限公司	000000.OF 0.00 0.00	0.00 0.00 0.00
391 中证800指数型证券投资基金	中证800行业指数等权重基金管理有限公司	000000.OF 0.00 0.00	0.00 0.00 0.00
392 中证800指数型证券投资基金	中证800行业指数等权重基金管理有限公司	000000.OF 0.00 0.00	0.00 0.00 0.00
393 中证800指数型证券投资基金	中证800行业指数等权重基金管理有限公司	000000.OF 0.00 0.00	0.00 0.00 0.00
394 中证800指数型证券投资基金	中证800行业指数等权重基金管理有限公司	000000.OF 0.00 0.00	0.00 0.00 0.00
395 中证800指数型证券投资基金	中证800行业指数等权重基金管理有限公司	000000.OF 0.00 0.00	0.00 0.00 0.00
396 中证800指数型证券投资基金	中证800行业指数等权重基金管理有限公司	000000.OF 0.00 0.00	0.00 0.00 0.00
397 中证800指数型证券投资基金	中证800行业指数等权重基金管理有限公司	000000.OF 0.00 0.00	0.00 0.00 0.00
398 中证800指数型证券投资基金	中证800行业指数等权重基金管理有限公司	000000.OF 0.00 0.00	0.00 0.00 0.00
399 中证800指数型证券投资基金	中证800行业指数等权重基金管理有限公司	000000.OF 0.00 0.00	0.00 0.00 0.00
400 中证800指数型证券投资基金	中证800行业指数等权重基金管理有限公司	000000.OF 0.00 0.00	0.00 0.00 0.00
401 中证800指数型证券投资基金	中证800行业指数等权重基金管理有限公司	000000.OF 0.00 0.00	0.00 0.00 0.00
402 中证800指数型证券投资基金	中证800行业指数等权重基金管理有限公司	000000.OF 0.00 0.00	0.00 0.00 0.00
403 中证800指数型证券投资基金	中证800行业指数等权重基金管理有限公司	000000.OF 0.00 0.00	0.00 0.00 0.00
404 中证800指数型证券投资基金	中证800行业指数等权重基金管理有限公司	000000.OF 0.00 0.00	0.00 0.00 0.00
405 中证800指数型证券投资基金	中证800行业指数等权重基金管理有限公司	000000.OF 0.00 0.00	0.00 0.00 0.00
406 中证800指数型证券投资基金	中证800行业指数等权重基金管理有限公司	000000.OF 0.00 0.00	0.00 0.00 0.00
407 中证800指数型证券投资基金	中证800行业指数等权重基金管理有限公司	000000.OF 0.00 0.00	0.00 0.00 0.00
408 中证800指数型证券投资基金	中证800行业指数等权重基金管理有限公司	000000.OF 0.00 0.00	0.00 0.00 0.00
409 中证800指数型证券投资基金	中证800行业指数等权重基金管理有限公司	000000.OF 0.00 0.00	0.00 0.00 0.00
410 中证800指数型证券投资基金	中证800行业指数等权重基金管理有限公司	000000.OF 0.00 0.00	0.00 0.00 0.00
411 中证800指数型证券投资基金	中证800行业指数等权重基金管理有限公司	000000.OF 0.00 0.00	0.00 0.00 0.00
412 中证800指数型证券投资基金	中证800行业指数等权重基金管理有限公司	000000.OF 0.00 0.00	0.00 0.00 0.00
413 中证800指数型证券投资基金	中证800行业指数等权重基金管理有限公司	000000.OF 0.00 0.00	0.00 0.00 0.00
414 中证800指数型证券投资基金	中证800行业指数等权重基金管理有限公司	000000.OF 0.00 0.00	0.00 0.00 0.00
415 中证800指数型证券投资基金	中证800行业指数等权重基金管理有限公司	000000.OF 0.00 0.00	0.00 0.00 0.00
416 中证800指数型证券投资基金	中证800行业指数等权重基金管理有限公司	000000.OF 0.00 0.00	0.00 0.00 0.00
417 中证800指数型证券投资基金	中证800行业指数等权重基金管理有限公司	000000.OF 0.00 0.00	0.00 0.00 0.00
418 中证800指数型证券投资基金	中证800行业指数等权重基金管理有限公司	000000.OF 0.00 0.00	0.00 0.00 0.00
419 中证800指数型证券投资基金	中证800行业指数等权重基金管理有限公司	000000.OF 0.00 0.00	0.00 0.00 0.00
420 中证800指数型证券投资基金	中证800行业指数等权重基金管理有限公司	000000.OF 0.00 0.00	0.00 0.00 0.00
421 中证800指数型证券投资基金	中证800行业指数等权重基金管理有限公司	000000.OF 0.00 0.00	0.00 0.00 0.00
422 中证800指数型证券投资基金	中证800行业指数等权重基金管理有限公司	000000.OF 0.00 0.00	0.00 0.00 0.00
423 中证800指数型证券投资基金	中证800行业指数等权重基金管理有限公司	000000.OF 0.00 0.00	0.00 0.00 0.00
424 中证800指数型证券投资基金	中证800行业指数等权重基金管理有限公司	000000.OF 0.00 0.00	0.00 0.00 0.00
425 中证800指数型证券投资基金	中证800行业指数等权重基金管理有限公司	000000.OF 0.00 0.00	0.00 0.00 0.00
426 中证800指数型证券投资基金	中证800行业指数等权重基金管理有限公司	000000.OF 0.00 0.00	0.00 0.00 0.00
427 中证800指数型证券投资基金	中证800行业指数等权重基金管理有限公司	000000.OF 0.00 0.00	0.00 0.00 0.00
428 中证800指数型证券投资基金	中证800行业指数等权重基金管理有限公司	000000.OF 0.00 0.00	0.00 0.00 0.00
429 中证800指数型证券投资基金	中证800行业指数等权重基金管理有限公司	000000.OF 0.00 0.00	0.00 0.00 0.00
430 中证800指数型证券投资基金	中证800行业指数等权重基金管理有限公司	000000.OF 0.00 0.00	0.00 0.00 0.00
431 中证800指数型证券投资基金	中证800行业指数等权重基金管理有限公司	000000.OF 0.00 0.00	0.00 0.00 0.00
432 中证800指数型证券投资基金	中证800行业指数等权重基金管理有限公司	000000.OF 0.00 0.00	0.00 0.00 0.00
433 中证800指数型证券投资基金	中证800行业指数等权重基金管理有限公司	000000.OF 0.00 0.00	0.00 0.00 0.00
434 中证800指数型证券投资基金	中证800行业指数等权重基金管理有限公司	000000.OF 0.00 0.00	0.00 0.00 0.00
435 中证800指数型证券投资基金	中证800行业指数等权重基金管理有限公司	000000.OF 0.00 0.00	0.00 0.00 0.00
436 中证800指数型证券投资基金	中证800行业指数等权重基金管理有限公司	000000.OF 0.00 0.00	0.00 0.00 0.00
437 中证800指数型证券投资基金	中证800行业指数等权重基金管理有限公司	000000.OF 0.00 0.00	0.00 0.00 0.00
438 中证800指数型证券投资基金	中证800行业指数等权重基金管理有限公司	000000.OF 0.00 0.00	0.00 0.00 0.00
439 中证800指数型证券投资基金	中证800行业指数等权重基金管理有限公司	000000.OF 0.00 0.00	0.00 0.00 0.00
440 中证800指数型证券投资基金	中证800行业指数等权重基金管理有限公司	000000.OF 0.00 0.00	0.00 0.00 0.00
441 中证800指数型证券投资基金	中证800行业指数等权重基金管理有限公司	000000.OF 0.00 0.00	0.00 0.00 0.00
442 中证800指数型证券投资基金	中证800行业指数等权重基金管理有限公司	000000.OF 0.00 0.00	0.00 0.00 0.00
443 中证800指数型证券投资基金	中证800行业指数等权重基金管理有限公司	000000.OF 0.00 0.00	0.00 0.00 0.00
444 中证800指数型证券投资基金	中证800行业指数等权重基金管理有限公司	000000.OF 0.00 0.00	0.00 0.00 0.00
445 中证800指数型证券投资基金	中证800行业指数等权重基金管理有限公司	000000.OF 0.00 0.00	0.00 0.00 0.00
446 中证800指数型证券投资基金	中证800行业指数等权重基金管理有限公司	000000.OF 0.00 0.00	0.00 0.00 0.00
447 中证800指数型证券投资基金	中证800行业指数等权重基金管理有限公司	000000.OF 0.00 0.00	0.00 0.00 0.00
448 中证800指数型证券投资基金	中证800行业指数等权重基金管理有限公司	000000.OF 0.00 0.00	0.00 0.00 0.00
449 中证800指数型证券投资基金	中证800行业指数等权重基金管理有限公司	000000.OF 0.00 0.00	0.00 0.00 0.00
450 中证800指数型证券投资基金	中证800行业指数等权重基金管理有限公司	000000.OF 0.00 0.00	0.00 0.00 0.00
451 中证800指数型证券投资基金	中证800行业指数等权重基金管理有限公司	000000.OF 0.00 0.00	0.00 0.00 0.00
452 中证800指数型证券投资基金	中证800行业指数等权重基金管理有限公司	000000.OF 0.00 0.00	0.00 0.00 0.00
453 中证800指数型证券投资基金	中证800行业指数等权重基金管理有限公司	000000.OF 0.00 0.00	0.00 0.00 0.00
454 中证800指数型证券投资基金	中证800行业指数等权重基金管理有限公司	000000.OF 0.00 0.00	0.00 0.00 0.00
455 中证800指数型证券投资基金	中证800行业指数等权重基金管理有限公司	000000.OF 0.00 0.00	0.00 0.00 0.00
456 中证800指数型证券投资基金	中证800行业指数等权重基金管理有限公司	000000.OF 0.00 0.00	0.00 0.00 0.00
457 中证800指数型证券投资基金	中证800行业指数等权重基金管理有限公司	000000.OF 0.00 0.00	0.00 0.00 0.00
458 中证800指数型证券投资基金	中证800行业指数等权重基金管理有限公司	000000.OF 0.00 0.00	0.00 0.00 0.00
459 中证800指数型证券投资基金	中证800行业指数等权重基金管理有限公司	000000.OF 0.00 0.00	0.00 0.00 0.00
460 中证800指数型证券投资基金	中证800行业指数等权重基金管理有限公司	000000.OF 0.00 0.00	0.00 0.00 0.00
461 中证800指数型证券投资基金	中证800行业指数等权重基金管理有限公司	000000.OF 0.00 0.00	0.00 0.00 0.00
462 中证800指数型证券投资基金	中证800行业指数等权重基金管理有限公司	000000.OF 0.00 0.00	0.00 0.00 0.00
463 中证800指数型证券投资基金	中证800行业指数等权重基金管理有限公司	000000.OF 0.00 0.00	0.00 0.00 0.00
464 中证800指数型证券投资基金	中证800行业指数等权重基金管理有限公司	000000.OF 0.00 0.00	0.00 0.00 0.00
465 中证800指数型证券投资基金	中证800行业指数等权重基金管理有限公司	000000.OF 0.00 0.00	0.00 0.00 0.00
466 中证800指数型证券投资基金	中证800行业指数等权重基金管理有限公司	000000.OF 0.00 0.00	0.00 0.00 0.00
467 中证800指数型证券投资基金	中证800行业指数等权重基金管理有限公司	000000.OF 0.00 0.00	0.00 0.00 0.00
468 中证800指数型证券投资基金	中证800行业指数等权重基金管理有限公司	000000.OF 0.00 0.00	0.00 0.00 0.00
469 中证800指数型证券投资基金	中证800行业指数等权重基金管理有限公司	000000.OF 0.00 0.00	0.00 0.00 0.00
470 中证800指数型证券投资基金	中证800行业指数等权重基金管理有限公司	000000.OF 0.00 0.00	0.00 0.00 0.00
471 中证800指数型证券投资基金	中证800行业指数等权重基金管理有限公司	000000.OF 0.00 0.00	0.00 0.00 0.00
472 中证800指数型证券投资基金	中证800行业指数等权重基金管理有限公司	000000.OF 0.00 0.00	0.00 0.00 0.00
473 中证800指数型证券投资基金	中证800行业指数等权重基金管理有限公司	000000.OF 0.00 0.00	0.00 0.00 0.00
474 中证800指数型证券投资基金	中证800行业指数等权重基金管理有限公司	000000.OF 0.00 0.00	0.00 0.00 0.00
475 中证800指数型证券投资基金	中证800行业指数等权重基金管理有限公司	000000.OF 0.00 0.00	0.00 0.00 0.00
476 中证800指数型证券投资基金	中证800行业指数等权重基金管理有限公司	000000.OF 0.00 0.00	0.00 0.00 0.00
477 中证800指数型证券投资基金	中证800行业指数等权重基金管理有限公司	000000.OF 0.00 0.00	0.00 0.00 0.00
478 中证800指数型证券投资基金	中证800行业指数等权重基金管理有限公司	000000.OF 0.00 0.00	0.00 0.00 0.00
479 中证800指数型证券投资基金	中证800行业指数等权重基金管理有限公司	000000.OF 0.00 0.00	0.00 0.00 0.00
480 中证800指数型证券投资基金	中证800行业指数等权重基金管理有限公司	000000.OF 0.00 0.00	0.00 0.00 0.00
481 中证800指数型证券投资基金	中证800行业指数等权重基金管理有限公司	000000.OF 0.00 0.00	0.00 0.00 0.00
482 中证800指数型证券投资基金	中证800行业指数等权重基金管理有限公司	000000.OF 0.00 0.00	0.00 0.00 0.00
483 中证800指数型证券投资基金	中证800行业指数等权重基金管理有限公司	000000.OF 0.00 0.00	0.00 0.00 0.00
484 中证800指数型证券投资基金	中证800行业指数等权重基金管理有限公司	000000.OF 0.00 0.00	0.00 0.00 0.00
485 中证800指数型证券投资基金	中证800行业指数等权重基金管理有限公司	000000.OF 0.00 0.00	0.00 0.00 0.00
486 中证800指数型证券投资基金	中证800行业指数等权重基金管理有限公司	000000.OF 0.00 0.00	0.00 0.00 0.00
487 中证800指数型证券投资基金	中证800行业指数等权重基金管理有限公司	000000.OF 0.00 0.00	0.00 0.00 0.00
488 中证800指数型证券投资基金	中证800行业指数等权重基金管理有限公司	000000.OF 0.00 0.00	0.00 0.00 0.00
489 中证800指数型证券投资基金	中证800行业指数等权重基金管理有限公司	000000.OF 0.00 0.00	0.00 0.00 0.00
490 中证800指数型证券投资基金	中证800行业指数等权重基金管理有限公司	000000.OF 0.00 0.00	0.00 0.00 0.00
491 中证800指数型证券投资基金	中证800行业指数等权重基金管理有限公司	000000.OF 0.00 0.00	0.00 0.00 0.00
492 中证800指数型证券投资基金	中证800行业指数等权重基金管理有限公司	000000.OF 0.00 0.00	0.00 0.00 0.00
493 中证800指数型证券投资基金	中证800行业指数等权重基金管理有限公司	000000.OF 0.00 0.00	0.00 0.00 0.00
494 中证800指数型证券投资基金	中证800行业指数等权重基金管理有限公司	000000.OF 0.00 0.00	0.00 0.00 0.00
495 中证800指数型证券投资基金	中证800行业指数等权重基金管理有限公司	000000.OF 0.00 0.00	0.00 0.00 0.00
496 中证800指数型证券投资基金	中证800行业指数等权重基金管理有限公司	000000.OF 0.00 0.00	0.00 0.00 0.00
497 中证800指数型证券投资基金	中证800行业指数等权重基金管理有限公司	000000.OF 0.00 0.00	0.00 0.00 0.00
498 中证800指数型证券投资基金	中证800行业指数等权重基金管理有限公司	000000.OF 0.00 0.00	0.00 0.00 0.00
499 中证800指数型证券投资基金	中证800行业指数等权重基金管理有限公司	000000.OF 0.00 0.00	0.00 0.00 0.00
500 中证800指数型证券投资基金	中证800行业指数等权重基金管理有限公司	000000.OF 0.00 0.00	0.00 0.00 0.00
501 中证800指数型证券投资基金	中证800行业指数等权重基金管理有限公司	000000.OF 0.00 0.00	0.00 0.00 0.00
502 中证800指数型证券投资基金	中证800行业指数等权重基金管理有限公司	000000.OF 0.00 0.00	0.00 0.00 0.00
503 中证800指数型证券投资基金	中证800行业指数等权重基金管理有限公司	000000.OF 0.00 0.00	0.00 0.00 0.00
504 中证800指数型证券投资基金	中证800行业指数等权重基金管理有限公司	000000.OF 0.00 0.00	0.00 0.00 0.00
505 中证800指数型证券投资基金	中证800行业指数等权重基金管理有限公司	000000.OF 0.00 0.00	0.00 0.00 0.00
506 中证800指数型证券投资基金	中证800行业指数等权重基金管理有限公司	000000.OF 0.00 0.00	0.00 0.00 0.00
507 中证800指数型证券投资基金	中证800行业指数等权重基金管理有限公司	000000.OF 0.00 0.00	0.00 0.00 0.00
508 中证800指数型证券投资基金	中证800行业指数等权重基金管理有限公司	000000.OF 0.00 0.00	0.00 0.00 0.00
509 中证800指数型证券投资基金	中证800行业指数等权重基金管理有限公司	000000.OF 0.00 0.00	0.00 0.00 0.00
510 中证800指数型证券投资基金	中证800行业指数等权重基金管理有限公司	000000.OF 0.00 0.00	0.00 0.00 0.00
(下转A13版)
